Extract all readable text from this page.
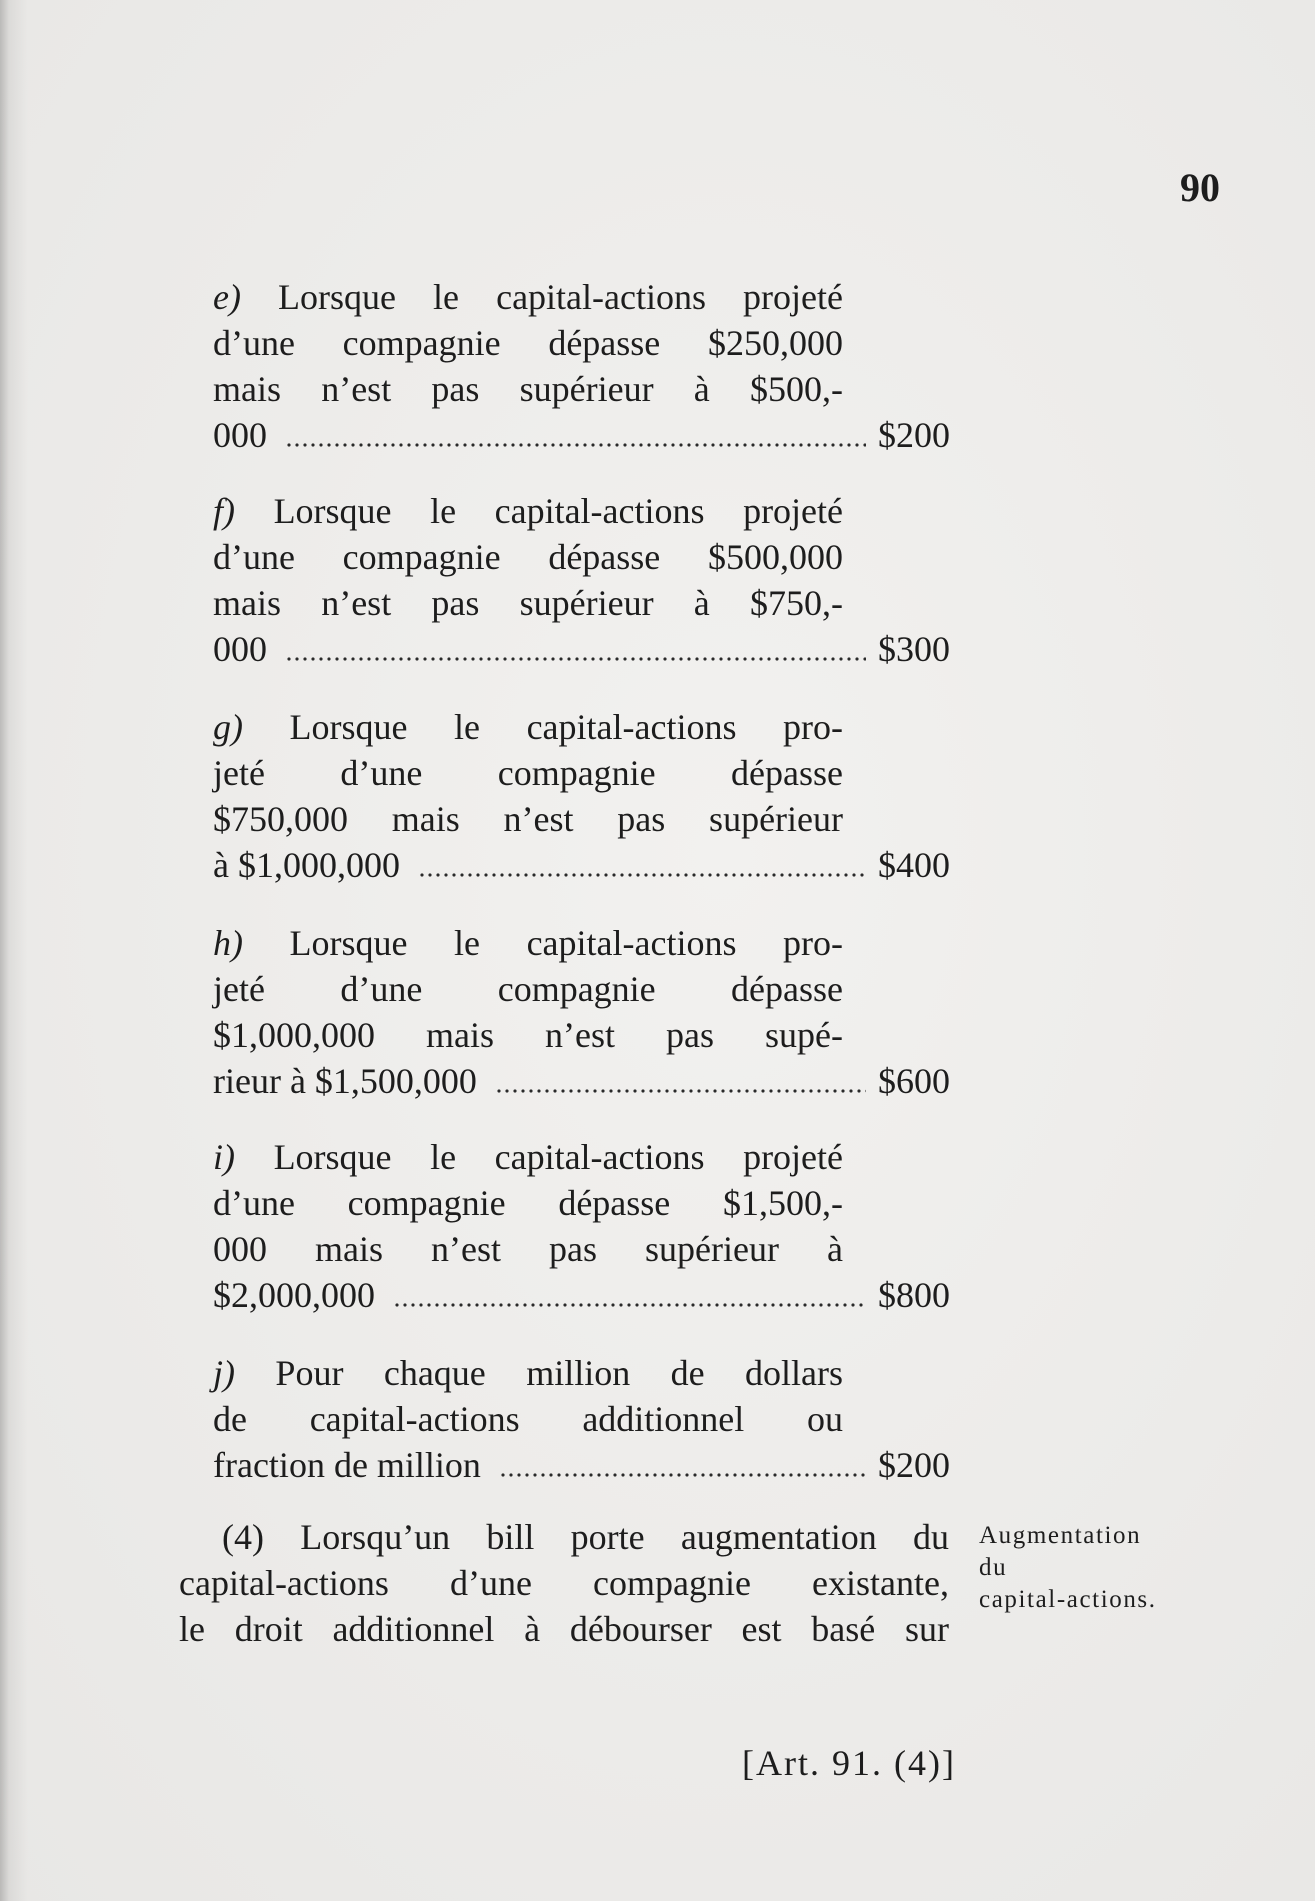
90
e) Lorsque le capital-actions projeté
d’une compagnie dépasse $250,000
mais n’est pas supérieur à $500,-
000	$200
f) Lorsque le capital-actions projeté
d’une compagnie dépasse $500,000
mais n’est pas supérieur à $750,-
000	$300
g) Lorsque le capital-actions pro-
jeté d’une compagnie dépasse
$750,000 mais n’est pas supérieur
à $1,000,000	$400
h) Lorsque le capital-actions pro-
jeté d’une compagnie dépasse
$1,000,000 mais n’est pas supé-
rieur à $1,500,000	$600
i) Lorsque le capital-actions projeté
d’une compagnie dépasse $1,500,-
000 mais n’est pas supérieur à
$2,000,000	$800
j) Pour chaque million de dollars
de capital-actions additionnel ou
fraction de million	$200
(4) Lorsqu’un bill porte augmentation du
capital-actions d’une compagnie existante,
le droit additionnel à débourser est basé sur
Augmentation
du
capital-actions.
[Art. 91. (4)]
